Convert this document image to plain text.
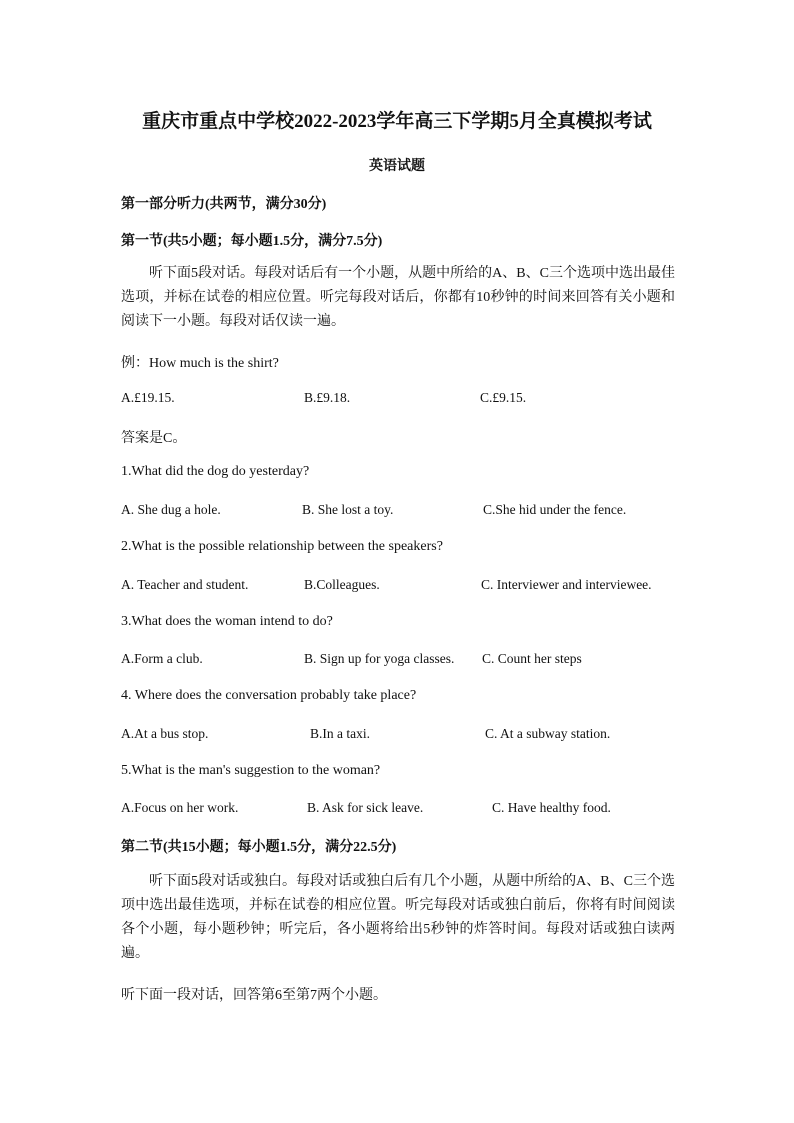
重庆市重点中学校2022-2023学年高三下学期5月全真模拟考试
英语试题
第一部分听力(共两节，满分30分)
第一节(共5小题；每小题1.5分，满分7.5分)
听下面5段对话。每段对话后有一个小题，从题中所给的A、B、C三个选项中选出最佳选项，并标在试卷的相应位置。听完每段对话后，你都有10秒钟的时间来回答有关小题和阅读下一小题。每段对话仅读一遍。
例：How much is the shirt?
A.£19.15.	B.£9.18.	C.£9.15.
答案是C。
1.What did the dog do yesterday?
A. She dug a hole.	B. She lost a toy.	C.She hid under the fence.
2.What is the possible relationship between the speakers?
A. Teacher and student.	B.Colleagues.	C. Interviewer and interviewee.
3.What does the woman intend to do?
A.Form a club.	B. Sign up for yoga classes. C. Count her steps
4. Where does the conversation probably take place?
A.At a bus stop.	B.In a taxi.	C. At a subway station.
5.What is the man's suggestion to the woman?
A.Focus on her work.	B. Ask for sick leave.	C. Have healthy food.
第二节(共15小题；每小题1.5分，满分22.5分)
听下面5段对话或独白。每段对话或独白后有几个小题，从题中所给的A、B、C三个选项中选出最佳选项，并标在试卷的相应位置。听完每段对话或独白前后，你将有时间阅读各个小题，每小题秒钟；听完后，各小题将给出5秒钟的炸答时间。每段对话或独白读两遍。
听下面一段对话，回答第6至第7两个小题。
